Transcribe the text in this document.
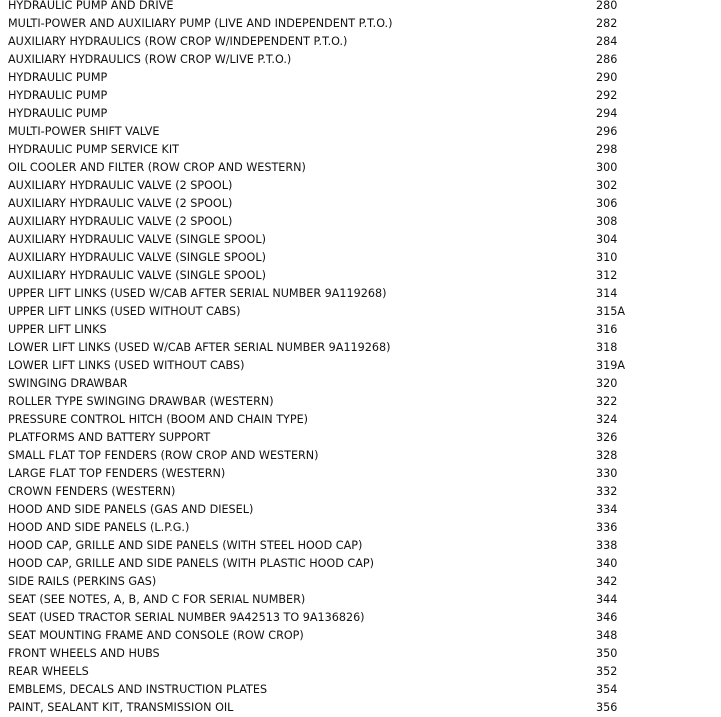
HYDRAULIC PUMP AND DRIVE	280
MULTI-POWER AND AUXILIARY PUMP (LIVE AND INDEPENDENT P.T.O.)	282
AUXILIARY HYDRAULICS (ROW CROP W/INDEPENDENT P.T.O.)	284
AUXILIARY HYDRAULICS (ROW CROP W/LIVE P.T.O.)	286
HYDRAULIC PUMP	290
HYDRAULIC PUMP	292
HYDRAULIC PUMP	294
MULTI-POWER SHIFT VALVE	296
HYDRAULIC PUMP SERVICE KIT	298
OIL COOLER AND FILTER (ROW CROP AND WESTERN)	300
AUXILIARY HYDRAULIC VALVE (2 SPOOL)	302
AUXILIARY HYDRAULIC VALVE (2 SPOOL)	306
AUXILIARY HYDRAULIC VALVE (2 SPOOL)	308
AUXILIARY HYDRAULIC VALVE (SINGLE SPOOL)	304
AUXILIARY HYDRAULIC VALVE (SINGLE SPOOL)	310
AUXILIARY HYDRAULIC VALVE (SINGLE SPOOL)	312
UPPER LIFT LINKS (USED W/CAB AFTER SERIAL NUMBER 9A119268)	314
UPPER LIFT LINKS (USED WITHOUT CABS)	315A
UPPER LIFT LINKS	316
LOWER LIFT LINKS (USED W/CAB AFTER SERIAL NUMBER 9A119268)	318
LOWER LIFT LINKS (USED WITHOUT CABS)	319A
SWINGING DRAWBAR	320
ROLLER TYPE SWINGING DRAWBAR (WESTERN)	322
PRESSURE CONTROL HITCH (BOOM AND CHAIN TYPE)	324
PLATFORMS AND BATTERY SUPPORT	326
SMALL FLAT TOP FENDERS (ROW CROP AND WESTERN)	328
LARGE FLAT TOP FENDERS (WESTERN)	330
CROWN FENDERS (WESTERN)	332
HOOD AND SIDE PANELS (GAS AND DIESEL)	334
HOOD AND SIDE PANELS (L.P.G.)	336
HOOD CAP, GRILLE AND SIDE PANELS (WITH STEEL HOOD CAP)	338
HOOD CAP, GRILLE AND SIDE PANELS (WITH PLASTIC HOOD CAP)	340
SIDE RAILS (PERKINS GAS)	342
SEAT (SEE NOTES, A, B, AND C FOR SERIAL NUMBER)	344
SEAT (USED TRACTOR SERIAL NUMBER 9A42513 TO 9A136826)	346
SEAT MOUNTING FRAME AND CONSOLE (ROW CROP)	348
FRONT WHEELS AND HUBS	350
REAR WHEELS	352
EMBLEMS, DECALS AND INSTRUCTION PLATES	354
PAINT, SEALANT KIT, TRANSMISSION OIL	356
